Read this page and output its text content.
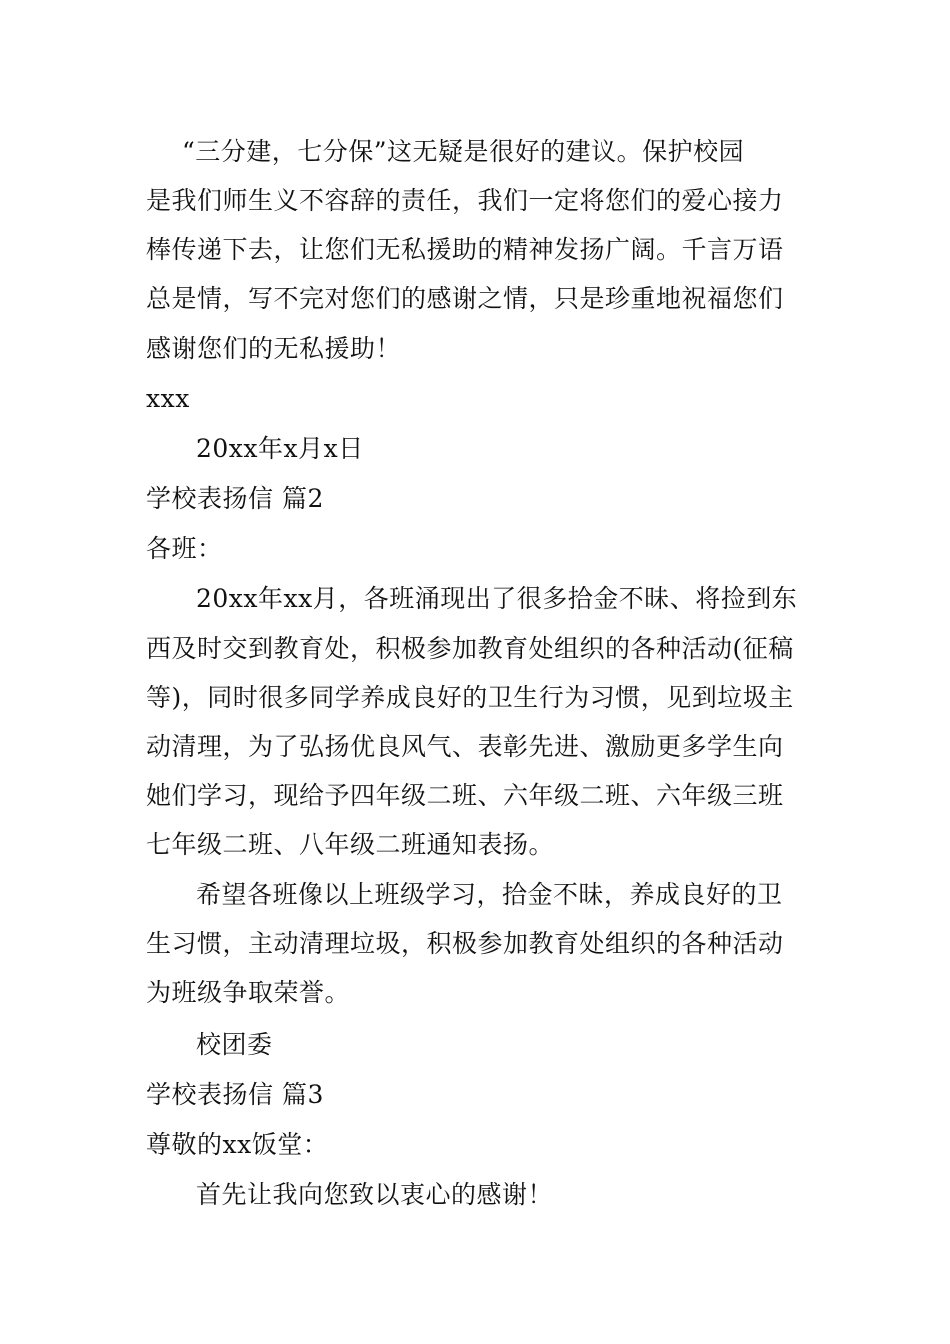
“三分建，七分保”这无疑是很好的建议。保护校园
是我们师生义不容辞的责任，我们一定将您们的爱心接力
棒传递下去，让您们无私援助的精神发扬广阔。千言万语
总是情，写不完对您们的感谢之情，只是珍重地祝福您们
感谢您们的无私援助！
xxx
20xx年x月x日
学校表扬信 篇2
各班：
20xx年xx月，各班涌现出了很多拾金不昧、将捡到东
西及时交到教育处，积极参加教育处组织的各种活动(征稿
等)，同时很多同学养成良好的卫生行为习惯，见到垃圾主
动清理，为了弘扬优良风气、表彰先进、激励更多学生向
她们学习，现给予四年级二班、六年级二班、六年级三班
七年级二班、八年级二班通知表扬。
希望各班像以上班级学习，拾金不昧，养成良好的卫
生习惯，主动清理垃圾，积极参加教育处组织的各种活动
为班级争取荣誉。
校团委
学校表扬信 篇3
尊敬的xx饭堂：
首先让我向您致以衷心的感谢！
